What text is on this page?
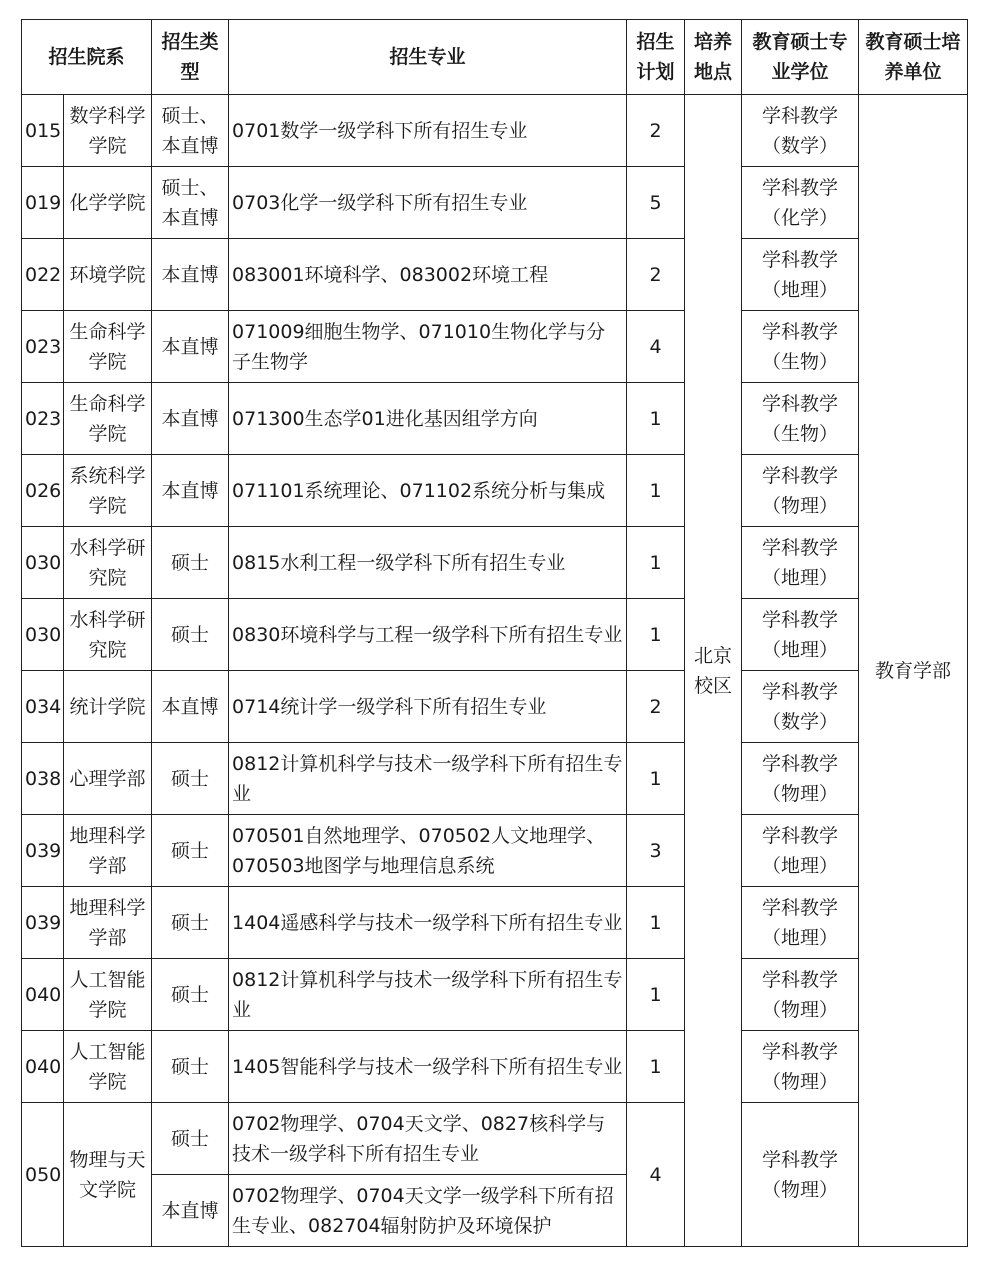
招生院系		招生类型	招生专业	招生计划	培养地点	教育硕士专业学位	教育硕士培养单位
015	数学科学学院	硕士、本直博	0701数学一级学科下所有招生专业	2	北京校区	学科教学（数学）	教育学部
019	化学学院	硕士、本直博	0703化学一级学科下所有招生专业	5		学科教学（化学）	
022	环境学院	本直博	083001环境科学、083002环境工程	2		学科教学（地理）	
023	生命科学学院	本直博	071009细胞生物学、071010生物化学与分子生物学	4		学科教学（生物）	
023	生命科学学院	本直博	071300生态学01进化基因组学方向	1		学科教学（生物）	
026	系统科学学院	本直博	071101系统理论、071102系统分析与集成	1		学科教学（物理）	
030	水科学研究院	硕士	0815水利工程一级学科下所有招生专业	1		学科教学（地理）	
030	水科学研究院	硕士	0830环境科学与工程一级学科下所有招生专业	1		学科教学（地理）	
034	统计学院	本直博	0714统计学一级学科下所有招生专业	2		学科教学（数学）	
038	心理学部	硕士	0812计算机科学与技术一级学科下所有招生专业	1		学科教学（物理）	
039	地理科学学部	硕士	070501自然地理学、070502人文地理学、070503地图学与地理信息系统	3		学科教学（地理）	
039	地理科学学部	硕士	1404遥感科学与技术一级学科下所有招生专业	1		学科教学（地理）	
040	人工智能学院	硕士	0812计算机科学与技术一级学科下所有招生专业	1		学科教学（物理）	
040	人工智能学院	硕士	1405智能科学与技术一级学科下所有招生专业	1		学科教学（物理）	
050	物理与天文学院	硕士	0702物理学、0704天文学、0827核科学与技术一级学科下所有招生专业	4		学科教学（物理）	
		本直博	0702物理学、0704天文学一级学科下所有招生专业、082704辐射防护及环境保护				
